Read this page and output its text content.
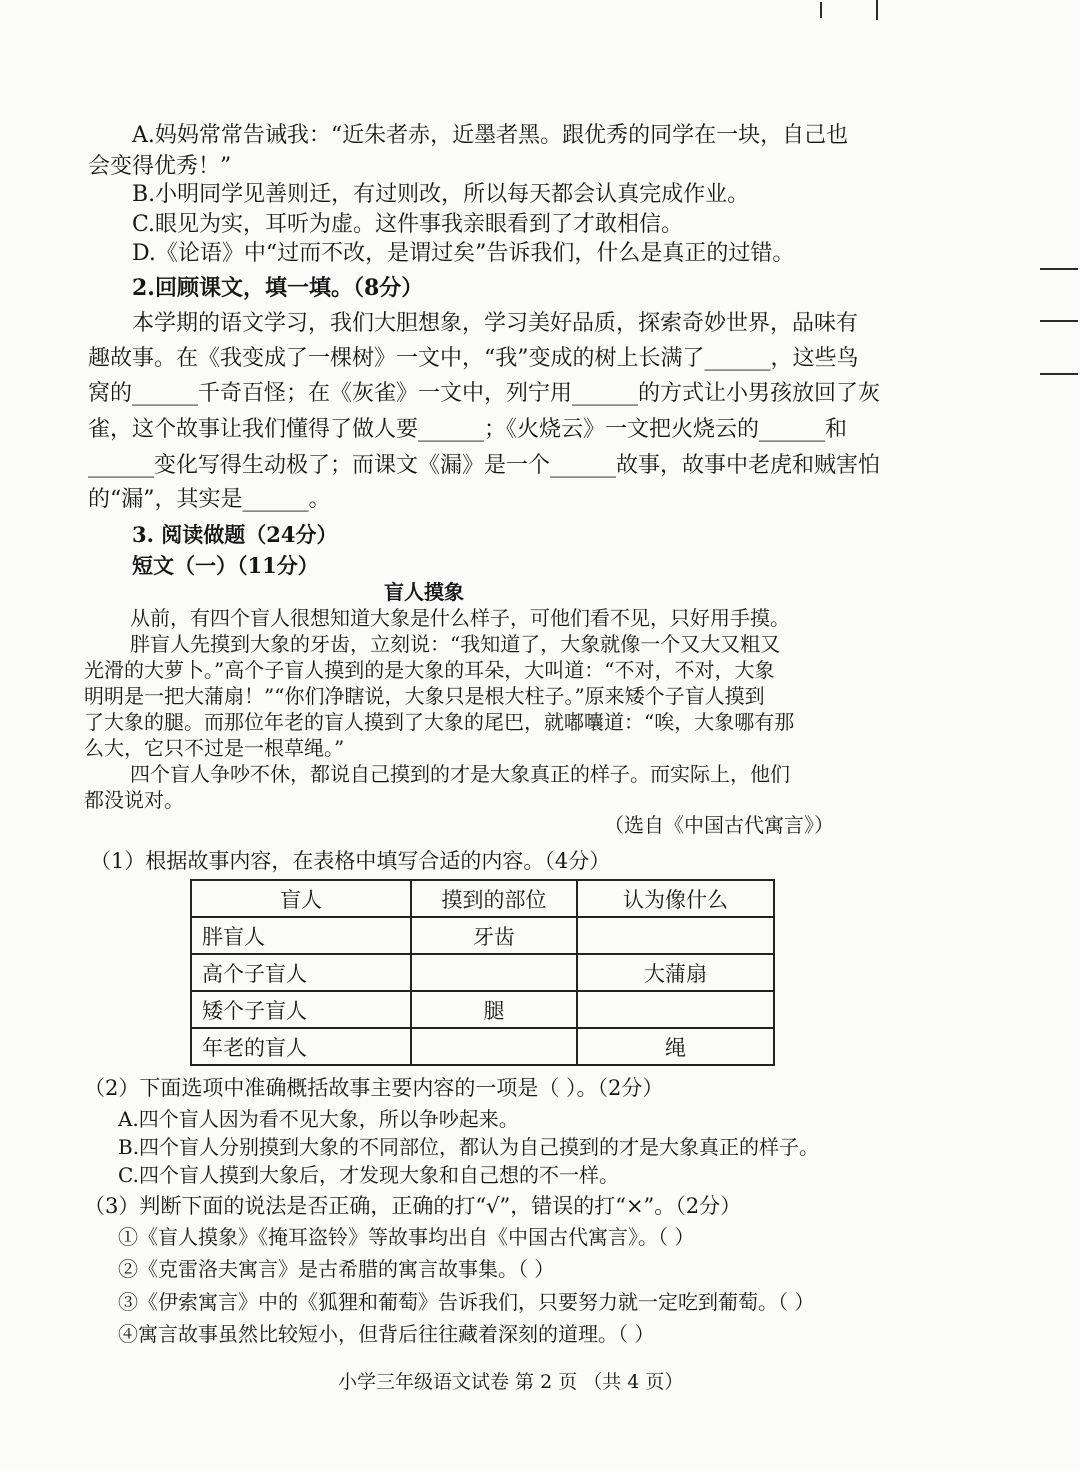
A.妈妈常常告诫我：“近朱者赤，近墨者黑。跟优秀的同学在一块，自己也
会变得优秀！”
B.小明同学见善则迁，有过则改，所以每天都会认真完成作业。
C.眼见为实，耳听为虚。这件事我亲眼看到了才敢相信。
D.《论语》中“过而不改，是谓过矣”告诉我们，什么是真正的过错。
2.回顾课文，填一填。（8分）
本学期的语文学习，我们大胆想象，学习美好品质，探索奇妙世界，品味有
趣故事。在《我变成了一棵树》一文中，“我”变成的树上长满了______，这些鸟
窝的______千奇百怪；在《灰雀》一文中，列宁用______的方式让小男孩放回了灰
雀，这个故事让我们懂得了做人要______；《火烧云》一文把火烧云的______和
______变化写得生动极了；而课文《漏》是一个______故事，故事中老虎和贼害怕
的“漏”，其实是______。
3. 阅读做题（24分）
短文（一）（11分）
盲人摸象
从前，有四个盲人很想知道大象是什么样子，可他们看不见，只好用手摸。
胖盲人先摸到大象的牙齿，立刻说：“我知道了，大象就像一个又大又粗又
光滑的大萝卜。”高个子盲人摸到的是大象的耳朵，大叫道：“不对，不对，大象
明明是一把大蒲扇！”“你们净瞎说，大象只是根大柱子。”原来矮个子盲人摸到
了大象的腿。而那位年老的盲人摸到了大象的尾巴，就嘟囔道：“唉，大象哪有那
么大，它只不过是一根草绳。”
四个盲人争吵不休，都说自己摸到的才是大象真正的样子。而实际上，他们
都没说对。
（选自《中国古代寓言》）
（1）根据故事内容，在表格中填写合适的内容。（4分）
盲人	摸到的部位	认为像什么
胖盲人	牙齿	
高个子盲人		大蒲扇
矮个子盲人	腿	
年老的盲人		绳
（2）下面选项中准确概括故事主要内容的一项是（ ）。（2分）
A.四个盲人因为看不见大象，所以争吵起来。
B.四个盲人分别摸到大象的不同部位，都认为自己摸到的才是大象真正的样子。
C.四个盲人摸到大象后，才发现大象和自己想的不一样。
（3）判断下面的说法是否正确，正确的打“√”，错误的打“×”。（2分）
①《盲人摸象》《掩耳盗铃》等故事均出自《中国古代寓言》。（ ）
②《克雷洛夫寓言》是古希腊的寓言故事集。（ ）
③《伊索寓言》中的《狐狸和葡萄》告诉我们，只要努力就一定吃到葡萄。（ ）
④寓言故事虽然比较短小，但背后往往藏着深刻的道理。（ ）
小学三年级语文试卷 第 2 页 （共 4 页）
